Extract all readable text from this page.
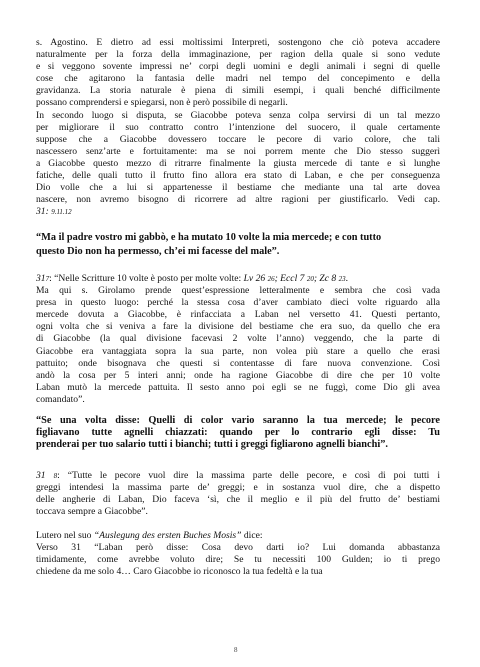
s. Agostino. E dietro ad essi moltissimi Interpreti, sostengono che ciò poteva accadere
naturalmente per la forza della immaginazione, per ragion della quale si sono vedute
e si veggono sovente impressi ne’ corpi degli uomini e degli animali i segni di quelle
cose che agitarono la fantasia delle madri nel tempo del concepimento e della
gravidanza. La storia naturale è piena di simili esempi, i quali benché difficilmente
possano comprendersi e spiegarsi, non è però possibile di negarli.
In secondo luogo si disputa, se Giacobbe poteva senza colpa servirsi di un tal mezzo
per migliorare il suo contratto contro l’intenzione del suocero, il quale certamente
suppose che a Giacobbe dovessero toccare le pecore di vario colore, che tali
nascessero senz’arte e fortuitamente: ma se noi porrem mente che Dio stesso suggerì
a Giacobbe questo mezzo di ritrarre finalmente la giusta mercede di tante e sì lunghe
fatiche, delle quali tutto il frutto fino allora era stato di Laban, e che per conseguenza
Dio volle che a lui si appartenesse il bestiame che mediante una tal arte dovea
nascere, non avremo bisogno di ricorrere ad altre ragioni per giustificarlo. Vedi cap.
31: 9.11.12
“Ma il padre vostro mi gabbò, e ha mutato 10 volte la mia mercede; e con tutto
questo Dio non ha permesso, ch’ei mi facesse del male”.
317: “Nelle Scritture 10 volte è posto per molte volte: Lv 26 26; Eccl 7 20; Zc 8 23.
Ma qui s. Girolamo prende quest’espressione letteralmente e sembra che così vada
presa in questo luogo: perché la stessa cosa d’aver cambiato dieci volte riguardo alla
mercede dovuta a Giacobbe, è rinfacciata a Laban nel versetto 41. Questi pertanto,
ogni volta che si veniva a fare la divisione del bestiame che era suo, da quello che era
di Giacobbe (la qual divisione facevasi 2 volte l’anno) veggendo, che la parte di
Giacobbe era vantaggiata sopra la sua parte, non volea più stare a quello che erasi
pattuito; onde bisognava che questi si contentasse di fare nuova convenzione. Così
andò la cosa per 5 interi anni; onde ha ragione Giacobbe di dire che per 10 volte
Laban mutò la mercede pattuita. Il sesto anno poi egli se ne fuggì, come Dio gli avea
comandato”.
“Se una volta disse: Quelli di color vario saranno la tua mercede; le pecore
figliavano tutte agnelli chiazzati: quando per lo contrario egli disse: Tu
prenderai per tuo salario tutti i bianchi; tutti i greggi figliarono agnelli bianchi”.
31 8: “Tutte le pecore vuol dire la massima parte delle pecore, e così di poi tutti i
greggi intendesi la massima parte de’ greggi; e in sostanza vuol dire, che a dispetto
delle angherie di Laban, Dio faceva ‘sì, che il meglio e il più del frutto de’ bestiami
toccava sempre a Giacobbe”.
Lutero nel suo “Auslegung des ersten Buches Mosis” dice:
Verso 31 “Laban però disse: Cosa devo darti io? Lui domanda abbastanza
timidamente, come avrebbe voluto dire; Se tu necessiti 100 Gulden; io ti prego
chiedene da me solo 4… Caro Giacobbe io riconosco la tua fedeltà e la tua
8
